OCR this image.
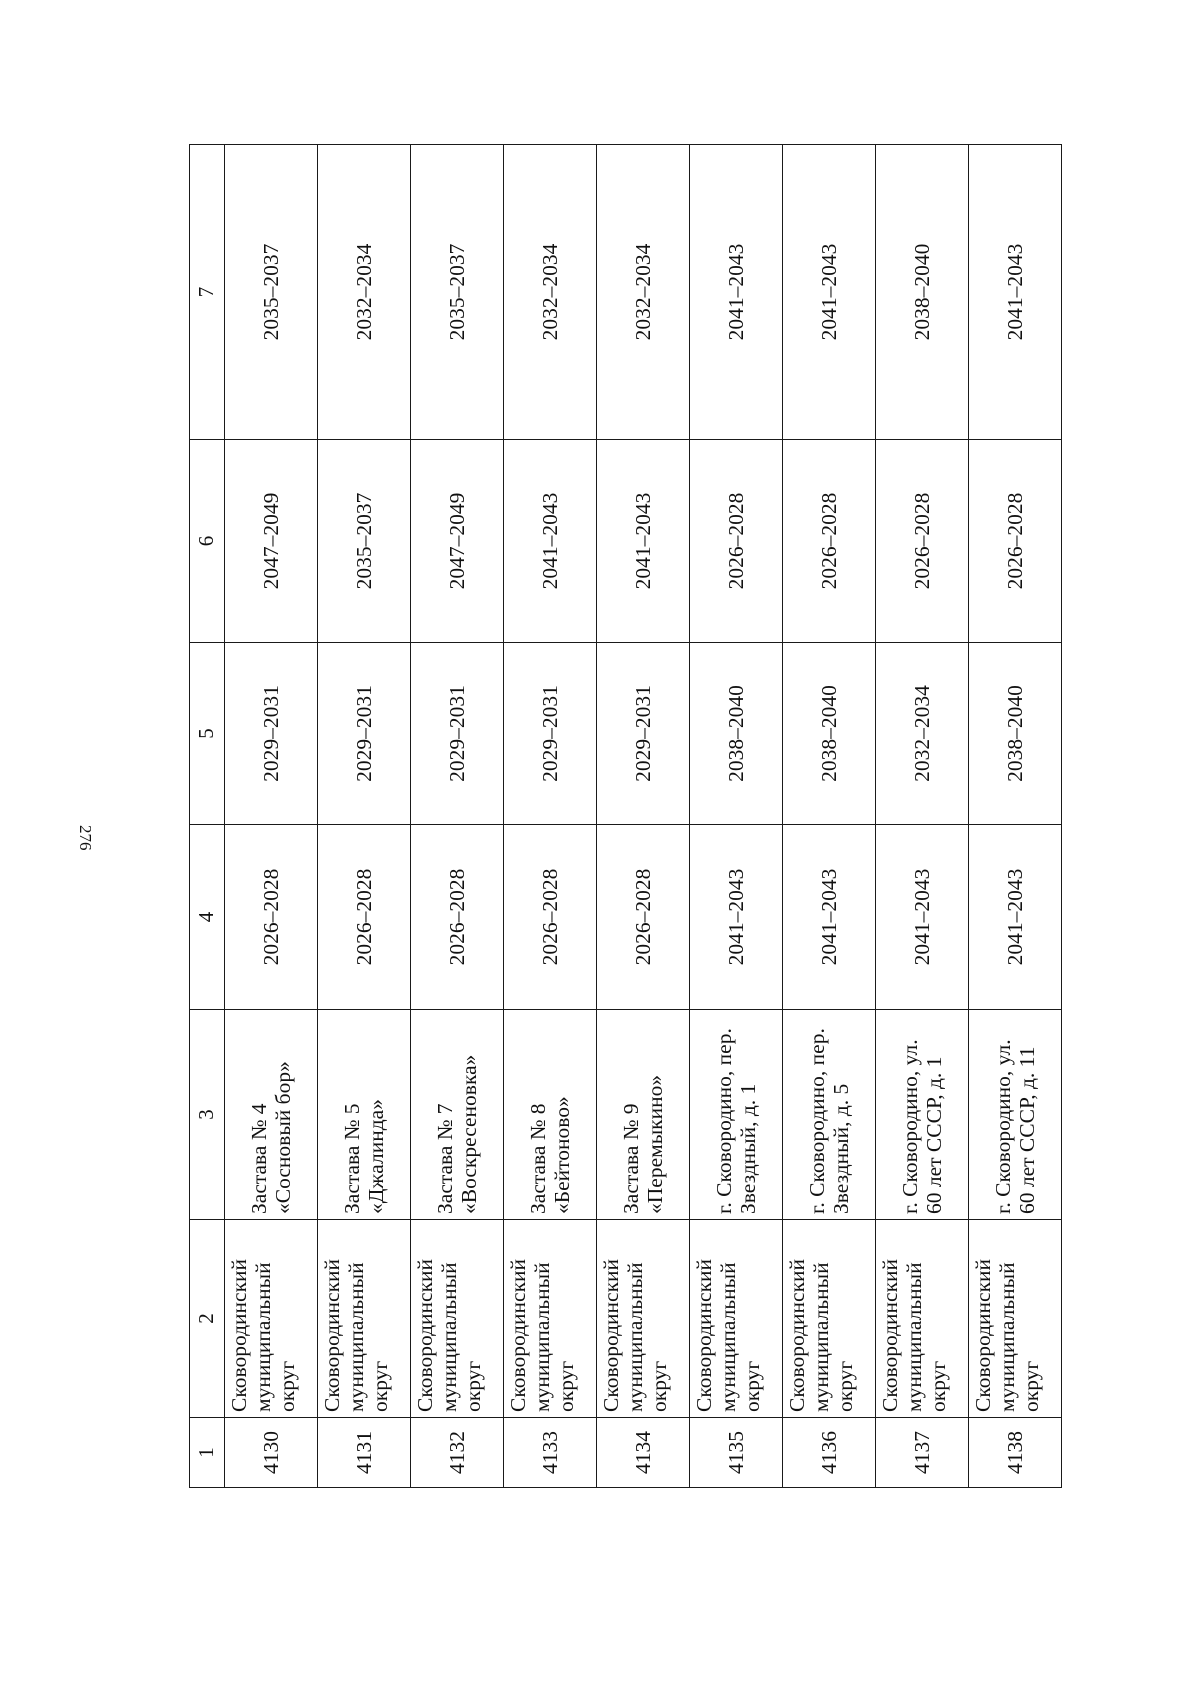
276
1	2	3	4	5	6	7
4130	Сковородинский муниципальный округ	Застава № 4 «Сосновый бор»	2026–2028	2029–2031	2047–2049	2035–2037
4131	Сковородинский муниципальный округ	Застава № 5 «Джалинда»	2026–2028	2029–2031	2035–2037	2032–2034
4132	Сковородинский муниципальный округ	Застава № 7 «Воскресеновка»	2026–2028	2029–2031	2047–2049	2035–2037
4133	Сковородинский муниципальный округ	Застава № 8 «Бейтоново»	2026–2028	2029–2031	2041–2043	2032–2034
4134	Сковородинский муниципальный округ	Застава № 9 «Перемыкино»	2026–2028	2029–2031	2041–2043	2032–2034
4135	Сковородинский муниципальный округ	г. Сковородино, пер. Звездный, д. 1	2041–2043	2038–2040	2026–2028	2041–2043
4136	Сковородинский муниципальный округ	г. Сковородино, пер. Звездный, д. 5	2041–2043	2038–2040	2026–2028	2041–2043
4137	Сковородинский муниципальный округ	г. Сковородино, ул. 60 лет СССР, д. 1	2041–2043	2032–2034	2026–2028	2038–2040
4138	Сковородинский муниципальный округ	г. Сковородино, ул. 60 лет СССР, д. 11	2041–2043	2038–2040	2026–2028	2041–2043
